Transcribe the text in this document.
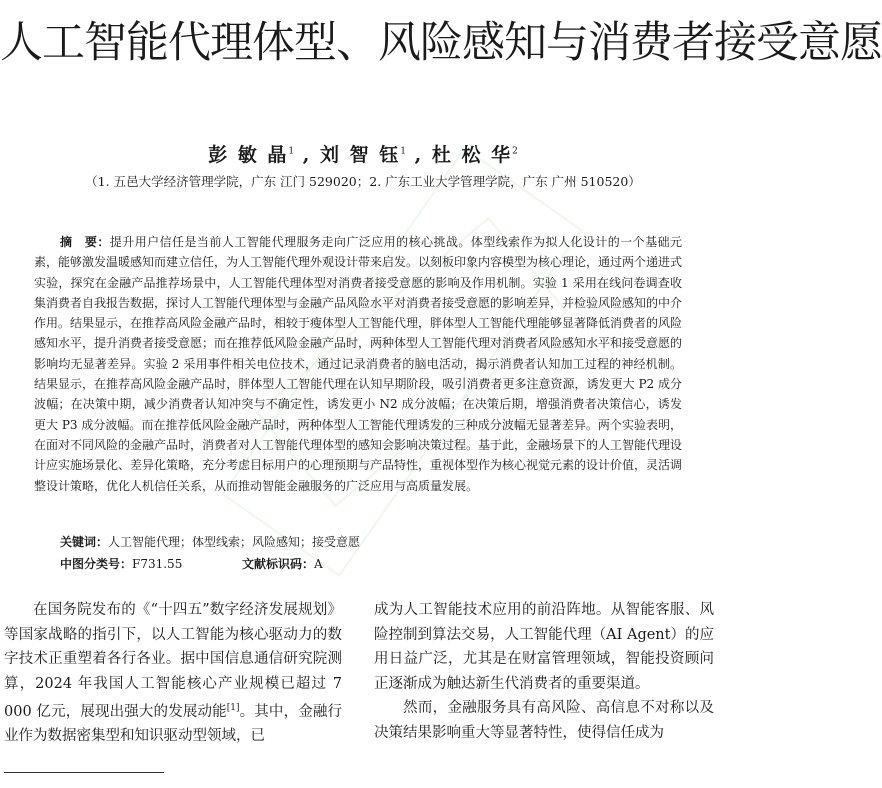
人工智能代理体型、风险感知与消费者接受意愿
彭 敏 晶$^1$ , 刘 智 钰$^1$ , 杜 松 华$^2$
（1. 五邑大学经济管理学院，广东 江门 529020；2. 广东工业大学管理学院，广东 广州 510520）
摘　要：提升用户信任是当前人工智能代理服务走向广泛应用的核心挑战。体型线索作为拟人化设计的一个基础元素，能够激发温暖感知而建立信任，为人工智能代理外观设计带来启发。以刻板印象内容模型为核心理论，通过两个递进式实验，探究在金融产品推荐场景中，人工智能代理体型对消费者接受意愿的影响及作用机制。实验 1 采用在线问卷调查收集消费者自我报告数据，探讨人工智能代理体型与金融产品风险水平对消费者接受意愿的影响差异，并检验风险感知的中介作用。结果显示，在推荐高风险金融产品时，相较于瘦体型人工智能代理，胖体型人工智能代理能够显著降低消费者的风险感知水平，提升消费者接受意愿；而在推荐低风险金融产品时，两种体型人工智能代理对消费者风险感知水平和接受意愿的影响均无显著差异。实验 2 采用事件相关电位技术，通过记录消费者的脑电活动，揭示消费者认知加工过程的神经机制。结果显示，在推荐高风险金融产品时，胖体型人工智能代理在认知早期阶段，吸引消费者更多注意资源，诱发更大 P2 成分波幅；在决策中期，减少消费者认知冲突与不确定性，诱发更小 N2 成分波幅；在决策后期，增强消费者决策信心，诱发更大 P3 成分波幅。而在推荐低风险金融产品时，两种体型人工智能代理诱发的三种成分波幅无显著差异。两个实验表明，在面对不同风险的金融产品时，消费者对人工智能代理体型的感知会影响决策过程。基于此，金融场景下的人工智能代理设计应实施场景化、差异化策略，充分考虑目标用户的心理预期与产品特性，重视体型作为核心视觉元素的设计价值，灵活调整设计策略，优化人机信任关系，从而推动智能金融服务的广泛应用与高质量发展。
关键词：人工智能代理；体型线索；风险感知；接受意愿
中图分类号：F731.55	文献标识码：A

在国务院发布的《“十四五”数字经济发展规划》等国家战略的指引下，以人工智能为核心驱动力的数字技术正重塑着各行各业。据中国信息通信研究院测算，2024 年我国人工智能核心产业规模已超过 7 000 亿元，展现出强大的发展动能[1]。其中，金融行业作为数据密集型和知识驱动型领域，已

成为人工智能技术应用的前沿阵地。从智能客服、风险控制到算法交易，人工智能代理（AI Agent）的应用日益广泛，尤其是在财富管理领域，智能投资顾问正逐渐成为触达新生代消费者的重要渠道。

然而，金融服务具有高风险、高信息不对称以及决策结果影响重大等显著特性，使得信任成为
